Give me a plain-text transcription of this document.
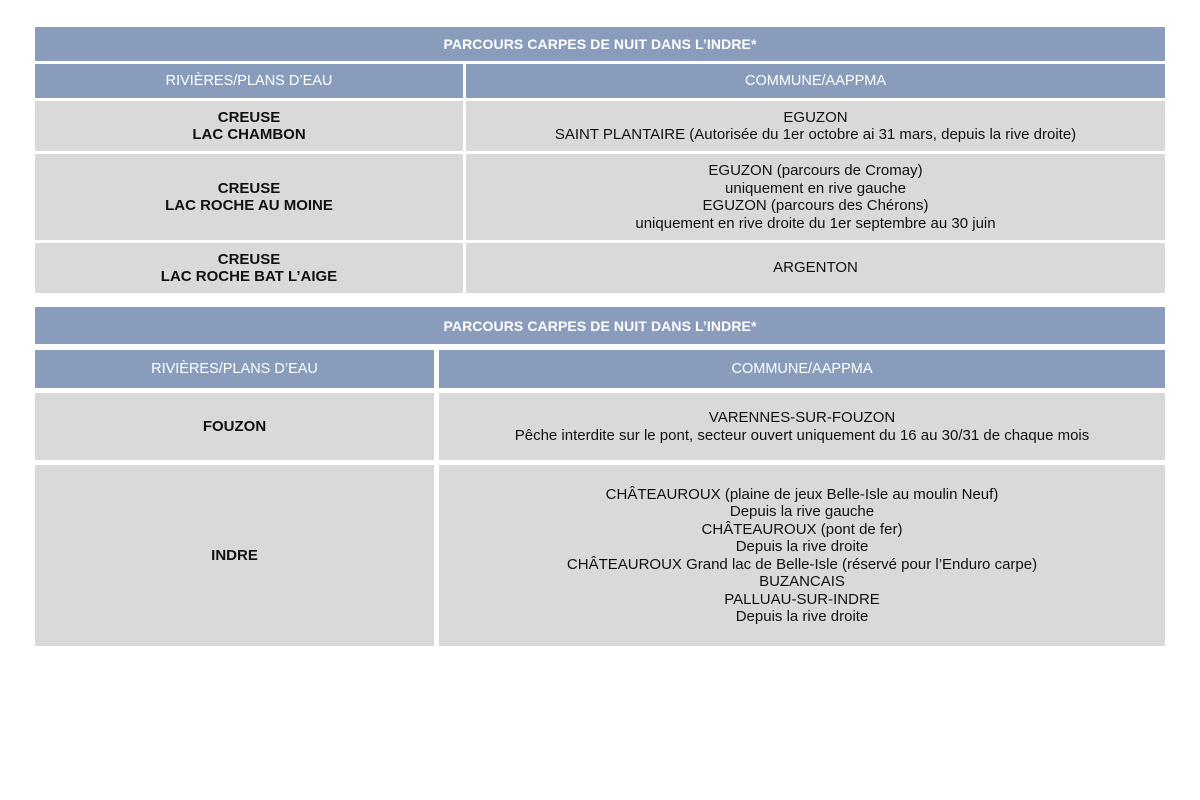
PARCOURS CARPES DE NUIT DANS L’INDRE*
RIVIÈRES/PLANS D’EAU	COMMUNE/AAPPMA
CREUSE
LAC CHAMBON
EGUZON
SAINT PLANTAIRE (Autorisée du 1er octobre ai 31 mars, depuis la rive droite)
CREUSE
LAC ROCHE AU MOINE
EGUZON (parcours de Cromay)
uniquement en rive gauche
EGUZON (parcours des Chérons)
uniquement en rive droite du 1er septembre au 30 juin
CREUSE
LAC ROCHE BAT L’AIGE
ARGENTON
PARCOURS CARPES DE NUIT DANS L’INDRE*
RIVIÈRES/PLANS D’EAU	COMMUNE/AAPPMA
FOUZON
VARENNES-SUR-FOUZON
Pêche interdite sur le pont, secteur ouvert uniquement du 16 au 30/31 de chaque mois
INDRE
CHÂTEAUROUX (plaine de jeux Belle-Isle au moulin Neuf)
Depuis la rive gauche
CHÂTEAUROUX (pont de fer)
Depuis la rive droite
CHÂTEAUROUX Grand lac de Belle-Isle (réservé pour l’Enduro carpe)
BUZANCAIS
PALLUAU-SUR-INDRE
Depuis la rive droite
